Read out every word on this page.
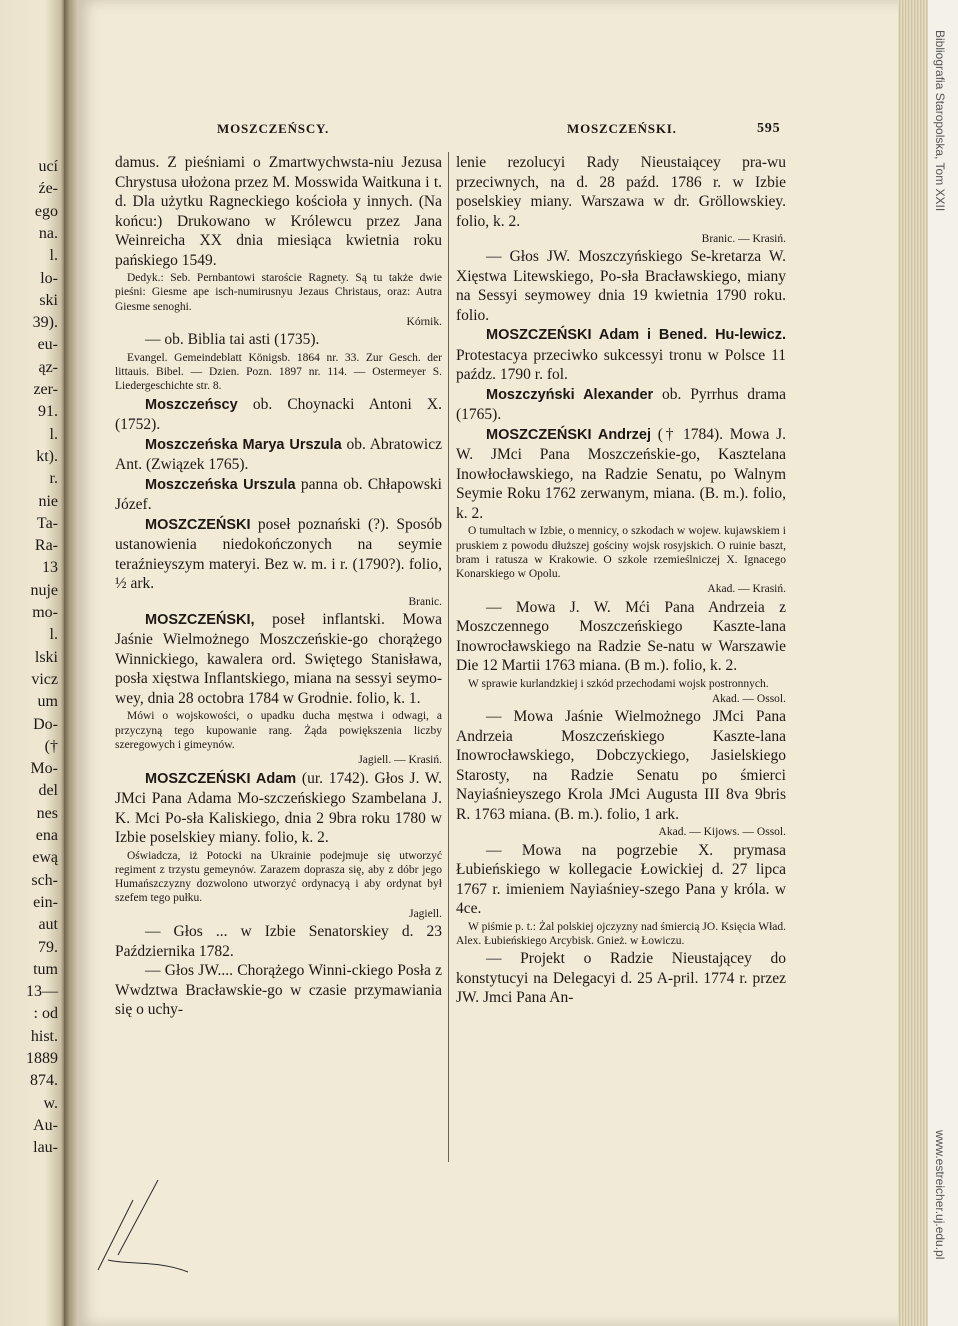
ucí
źe-
ego
na.
l.
lo-
ski
39).
eu-
ąz-
zer-
91.
l.
kt).
r.
nie
Ta-
Ra-
13
nuje
mo-
l.
lski
vicz
um
Do-
(†
Mo-
del
nes
ena
ewą
sch-
ein-
aut
79.
tum
13—
: od
hist.
1889
874.
w.
Au-
lau-
Bibliografia Staropolska, Tom XXII
www.estreicher.uj.edu.pl
MOSZCZEŃSCY.	MOSZCZEŃSKI.	595

damus. Z pieśniami o Zmartwychwsta-niu Jezusa Chrystusa ułożona przez M. Mosswida Waitkuna i t. d. Dla użytku Ragneckiego kościoła y innych. (Na końcu:) Drukowano w Królewcu przez Jana Weinreicha XX dnia miesiąca kwietnia roku pańskiego 1549.

Dedyk.: Seb. Pernbantowi staroście Ragnety. Są tu także dwie pieśni: Giesme ape isch-numirusnyu Jezaus Christaus, oraz: Autra Giesme senoghi.

Kórnik.

— ob. Biblia tai asti (1735).

Evangel. Gemeindeblatt Königsb. 1864 nr. 33. Zur Gesch. der littauis. Bibel. — Dzien. Pozn. 1897 nr. 114. — Ostermeyer S. Liedergeschichte str. 8.

Moszczeńscy ob. Choynacki Antoni X. (1752).

Moszczeńska Marya Urszula ob. Abratowicz Ant. (Związek 1765).

Moszczeńska Urszula panna ob. Chłapowski Józef.

MOSZCZEŃSKI poseł poznański (?). Sposób ustanowienia niedokończonych na seymie teraźnieyszym materyi. Bez w. m. i r. (1790?). folio, ½ ark.

Branic.

MOSZCZEŃSKI, poseł inflantski. Mowa Jaśnie Wielmożnego Moszczeńskie-go chorążego Winnickiego, kawalera ord. Swiętego Stanisława, posła xięstwa Inflantskiego, miana na sessyi seymo-wey, dnia 28 octobra 1784 w Grodnie. folio, k. 1.

Mówi o wojskowości, o upadku ducha męstwa i odwagi, a przyczyną tego kupowanie rang. Żąda powiększenia liczby szeregowych i gimeynów.

Jagiell. — Krasiń.

MOSZCZEŃSKI Adam (ur. 1742). Głos J. W. JMci Pana Adama Mo-szczeńskiego Szambelana J. K. Mci Po-sła Kaliskiego, dnia 2 9bra roku 1780 w Izbie poselskiey miany. folio, k. 2.

Oświadcza, iż Potocki na Ukrainie podejmuje się utworzyć regiment z trzystu gemeynów. Zarazem doprasza się, aby z dóbr jego Humańszczyzny dozwolono utworzyć ordynacyą i aby ordynat był szefem tego pułku.

Jagiell.

— Głos ... w Izbie Senatorskiey d. 23 Października 1782.

— Głos JW.... Chorążego Winni-ckiego Posła z Wwdztwa Bracławskie-go w czasie przymawiania się o uchy-

lenie rezolucyi Rady Nieustaiącey pra-wu przeciwnych, na d. 28 paźd. 1786 r. w Izbie poselskiey miany. Warszawa w dr. Gröllowskiey. folio, k. 2.

Branic. — Krasiń.

— Głos JW. Moszczyńskiego Se-kretarza W. Xięstwa Litewskiego, Po-sła Bracławskiego, miany na Sessyi seymowey dnia 19 kwietnia 1790 roku. folio.

MOSZCZEŃSKI Adam i Bened. Hu-lewicz. Protestacya przeciwko sukcessyi tronu w Polsce 11 paźdz. 1790 r. fol.

Moszczyński Alexander ob. Pyrrhus drama (1765).

MOSZCZEŃSKI Andrzej († 1784). Mowa J. W. JMci Pana Moszczeńskie-go, Kasztelana Inowłocławskiego, na Radzie Senatu, po Walnym Seymie Roku 1762 zerwanym, miana. (B. m.). folio, k. 2.

O tumultach w Izbie, o mennicy, o szkodach w wojew. kujawskiem i pruskiem z powodu dłuższej gościny wojsk rosyjskich. O ruinie baszt, bram i ratusza w Krakowie. O szkole rzemieślniczej X. Ignacego Konarskiego w Opolu.

Akad. — Krasiń.

— Mowa J. W. Mći Pana Andrzeia z Moszczennego Moszczeńskiego Kaszte-lana Inowrocławskiego na Radzie Se-natu w Warszawie Die 12 Martii 1763 miana. (B m.). folio, k. 2.

W sprawie kurlandzkiej i szkód przechodami wojsk postronnych.

Akad. — Ossol.

— Mowa Jaśnie Wielmożnego JMci Pana Andrzeia Moszczeńskiego Kaszte-lana Inowrocławskiego, Dobczyckiego, Jasielskiego Starosty, na Radzie Senatu po śmierci Nayiaśnieyszego Krola JMci Augusta III 8va 9bris R. 1763 miana. (B. m.). folio, 1 ark.

Akad. — Kijows. — Ossol.

— Mowa na pogrzebie X. prymasa Łubieńskiego w kollegacie Łowickiej d. 27 lipca 1767 r. imieniem Nayiaśniey-szego Pana y króla. w 4ce.

W piśmie p. t.: Żal polskiej ojczyzny nad śmiercią JO. Księcia Wład. Alex. Łubieńskiego Arcybisk. Gnież. w Łowiczu.

— Projekt o Radzie Nieustającey do konstytucyi na Delegacyi d. 25 A-pril. 1774 r. przez JW. Jmci Pana An-
